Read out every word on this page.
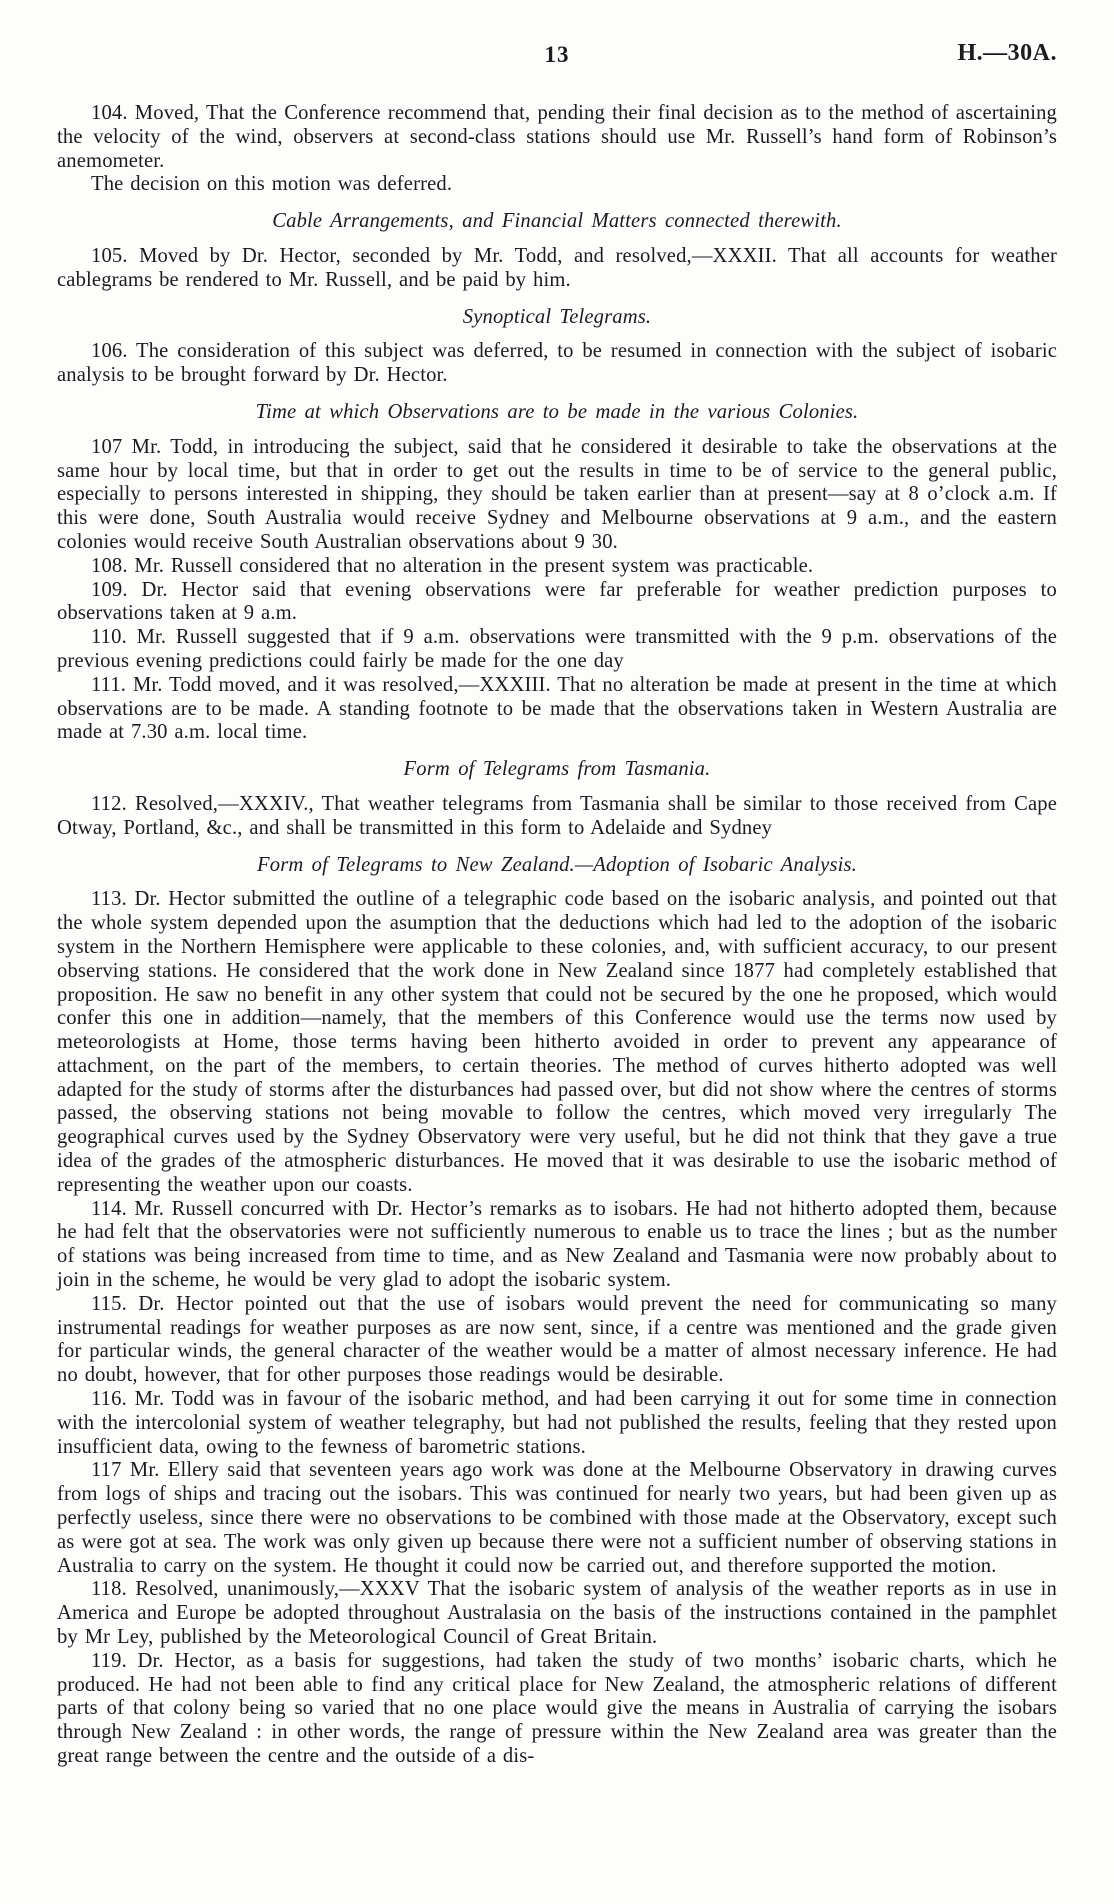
13	H.—30A.

104. Moved, That the Conference recommend that, pending their final decision as to the method of ascertaining the velocity of the wind, observers at second-class stations should use Mr. Russell’s hand form of Robinson’s anemometer.

The decision on this motion was deferred.

Cable Arrangements, and Financial Matters connected therewith.

105. Moved by Dr. Hector, seconded by Mr. Todd, and resolved,—XXXII. That all accounts for weather cablegrams be rendered to Mr. Russell, and be paid by him.

Synoptical Telegrams.

106. The consideration of this subject was deferred, to be resumed in connection with the subject of isobaric analysis to be brought forward by Dr. Hector.

Time at which Observations are to be made in the various Colonies.

107 Mr. Todd, in introducing the subject, said that he considered it desirable to take the observations at the same hour by local time, but that in order to get out the results in time to be of service to the general public, especially to persons interested in shipping, they should be taken earlier than at present—say at 8 o’clock a.m. If this were done, South Australia would receive Sydney and Melbourne observations at 9 a.m., and the eastern colonies would receive South Australian observations about 9 30.

108. Mr. Russell considered that no alteration in the present system was practicable.

109. Dr. Hector said that evening observations were far preferable for weather prediction purposes to observations taken at 9 a.m.

110. Mr. Russell suggested that if 9 a.m. observations were transmitted with the 9 p.m. observations of the previous evening predictions could fairly be made for the one day

111. Mr. Todd moved, and it was resolved,—XXXIII. That no alteration be made at present in the time at which observations are to be made. A standing footnote to be made that the observations taken in Western Australia are made at 7.30 a.m. local time.

Form of Telegrams from Tasmania.

112. Resolved,—XXXIV., That weather telegrams from Tasmania shall be similar to those received from Cape Otway, Portland, &c., and shall be transmitted in this form to Adelaide and Sydney

Form of Telegrams to New Zealand.—Adoption of Isobaric Analysis.

113. Dr. Hector submitted the outline of a telegraphic code based on the isobaric analysis, and pointed out that the whole system depended upon the asumption that the deductions which had led to the adoption of the isobaric system in the Northern Hemisphere were applicable to these colonies, and, with sufficient accuracy, to our present observing stations. He considered that the work done in New Zealand since 1877 had completely established that proposition. He saw no benefit in any other system that could not be secured by the one he proposed, which would confer this one in addition—namely, that the members of this Conference would use the terms now used by meteorologists at Home, those terms having been hitherto avoided in order to prevent any appearance of attachment, on the part of the members, to certain theories. The method of curves hitherto adopted was well adapted for the study of storms after the disturbances had passed over, but did not show where the centres of storms passed, the observing stations not being movable to follow the centres, which moved very irregularly The geographical curves used by the Sydney Observatory were very useful, but he did not think that they gave a true idea of the grades of the atmospheric disturbances. He moved that it was desirable to use the isobaric method of representing the weather upon our coasts.

114. Mr. Russell concurred with Dr. Hector’s remarks as to isobars. He had not hitherto adopted them, because he had felt that the observatories were not sufficiently numerous to enable us to trace the lines ; but as the number of stations was being increased from time to time, and as New Zealand and Tasmania were now probably about to join in the scheme, he would be very glad to adopt the isobaric system.

115. Dr. Hector pointed out that the use of isobars would prevent the need for communicating so many instrumental readings for weather purposes as are now sent, since, if a centre was mentioned and the grade given for particular winds, the general character of the weather would be a matter of almost necessary inference. He had no doubt, however, that for other purposes those readings would be desirable.

116. Mr. Todd was in favour of the isobaric method, and had been carrying it out for some time in connection with the intercolonial system of weather telegraphy, but had not published the results, feeling that they rested upon insufficient data, owing to the fewness of barometric stations.

117 Mr. Ellery said that seventeen years ago work was done at the Melbourne Observatory in drawing curves from logs of ships and tracing out the isobars. This was continued for nearly two years, but had been given up as perfectly useless, since there were no observations to be combined with those made at the Observatory, except such as were got at sea. The work was only given up because there were not a sufficient number of observing stations in Australia to carry on the system. He thought it could now be carried out, and therefore supported the motion.

118. Resolved, unanimously,—XXXV That the isobaric system of analysis of the weather reports as in use in America and Europe be adopted throughout Australasia on the basis of the instructions contained in the pamphlet by Mr Ley, published by the Meteorological Council of Great Britain.

119. Dr. Hector, as a basis for suggestions, had taken the study of two months’ isobaric charts, which he produced. He had not been able to find any critical place for New Zealand, the atmospheric relations of different parts of that colony being so varied that no one place would give the means in Australia of carrying the isobars through New Zealand : in other words, the range of pressure within the New Zealand area was greater than the great range between the centre and the outside of a dis-
